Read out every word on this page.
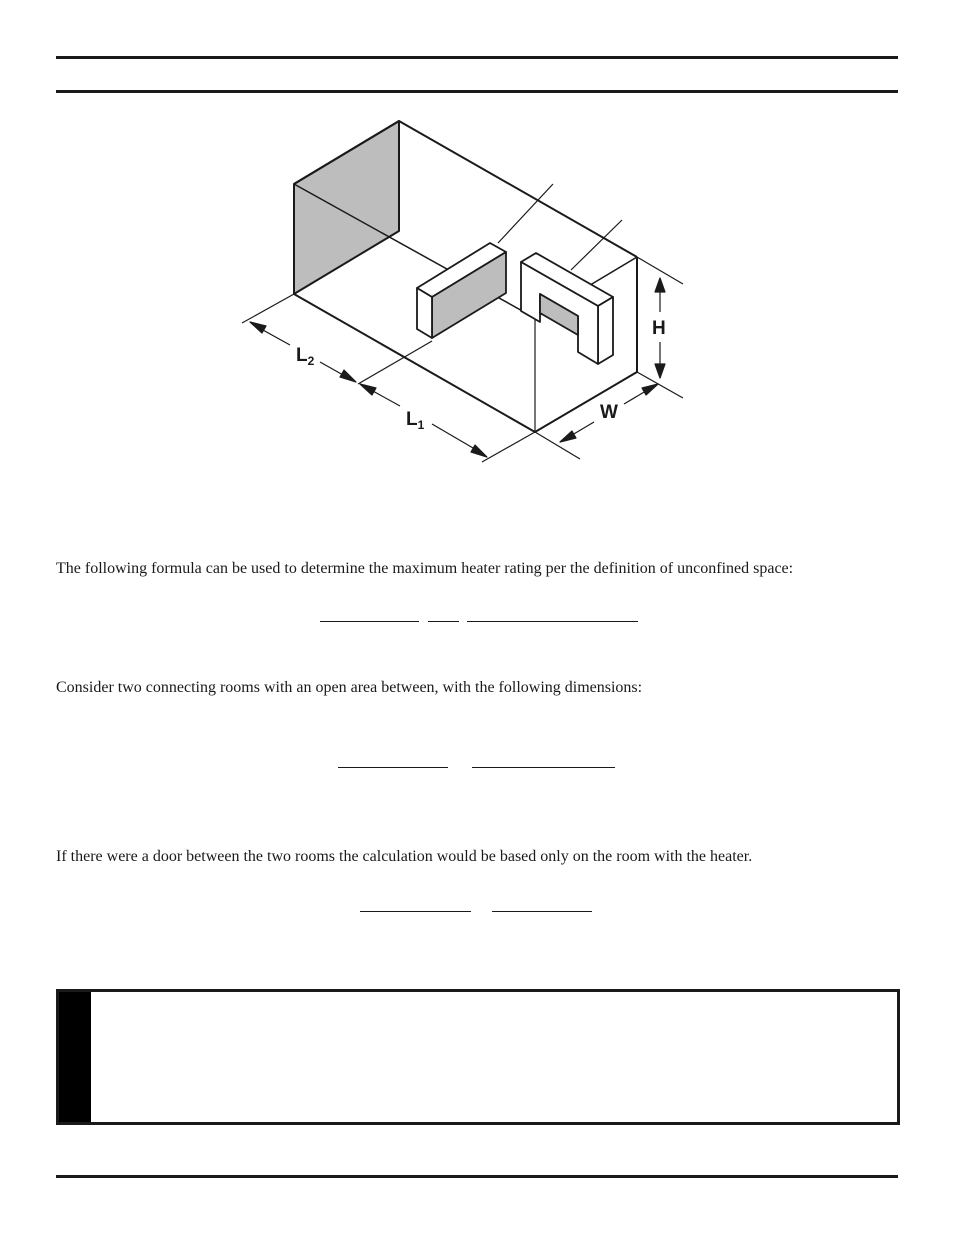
$L_2$
$L_1$
H
W
The following formula can be used to determine the maximum heater rating per the definition of unconfined space:
Consider two connecting rooms with an open area between, with the following dimensions:
If there were a door between the two rooms the calculation would be based only on the room with the heater.
